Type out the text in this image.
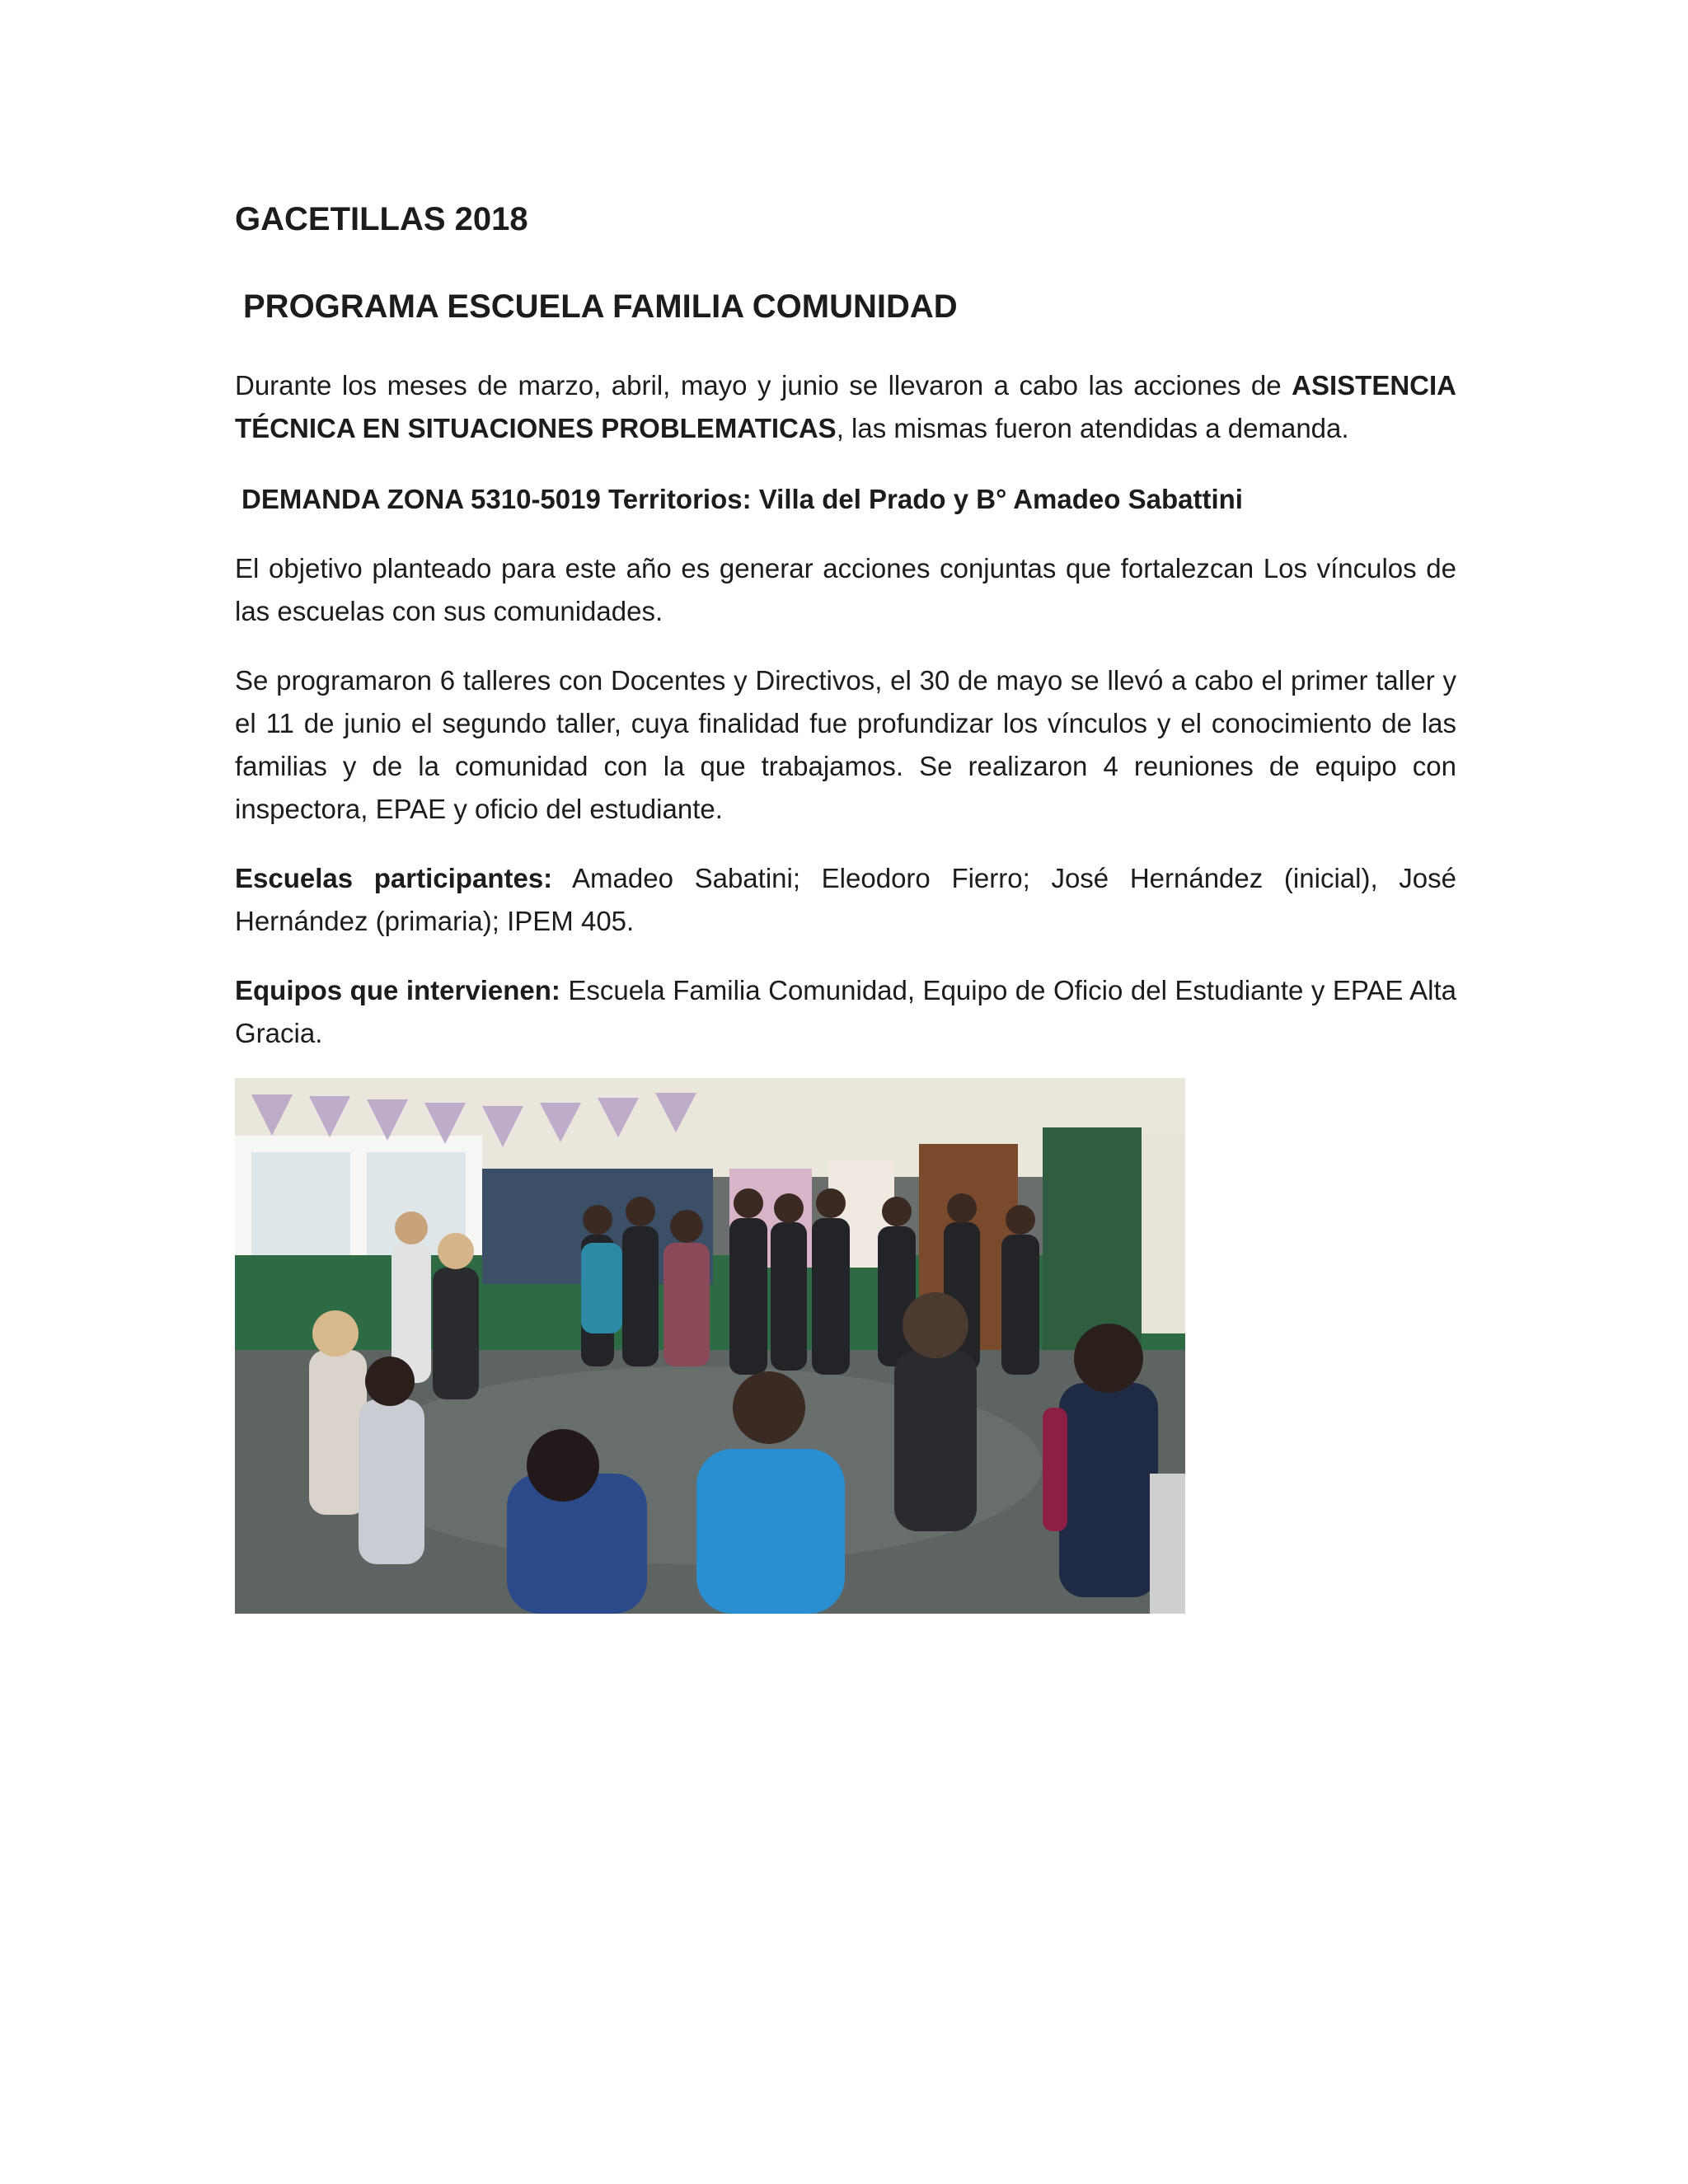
GACETILLAS 2018
PROGRAMA ESCUELA FAMILIA COMUNIDAD

Durante los meses de marzo, abril, mayo y junio se llevaron a cabo las acciones de ASISTENCIA TÉCNICA EN SITUACIONES PROBLEMATICAS, las mismas fueron atendidas a demanda.

DEMANDA ZONA 5310-5019 Territorios: Villa del Prado y B° Amadeo Sabattini

El objetivo planteado para este año es generar acciones conjuntas que fortalezcan Los vínculos de las escuelas con sus comunidades.

Se programaron 6 talleres con Docentes y Directivos, el 30 de mayo se llevó a cabo el primer taller y el 11 de junio el segundo taller, cuya finalidad fue profundizar los vínculos y el conocimiento de las familias y de la comunidad con la que trabajamos. Se realizaron 4 reuniones de equipo con inspectora, EPAE y oficio del estudiante.

Escuelas participantes: Amadeo Sabatini; Eleodoro Fierro; José Hernández (inicial), José Hernández (primaria); IPEM 405.

Equipos que intervienen: Escuela Familia Comunidad, Equipo de Oficio del Estudiante y EPAE Alta Gracia.
